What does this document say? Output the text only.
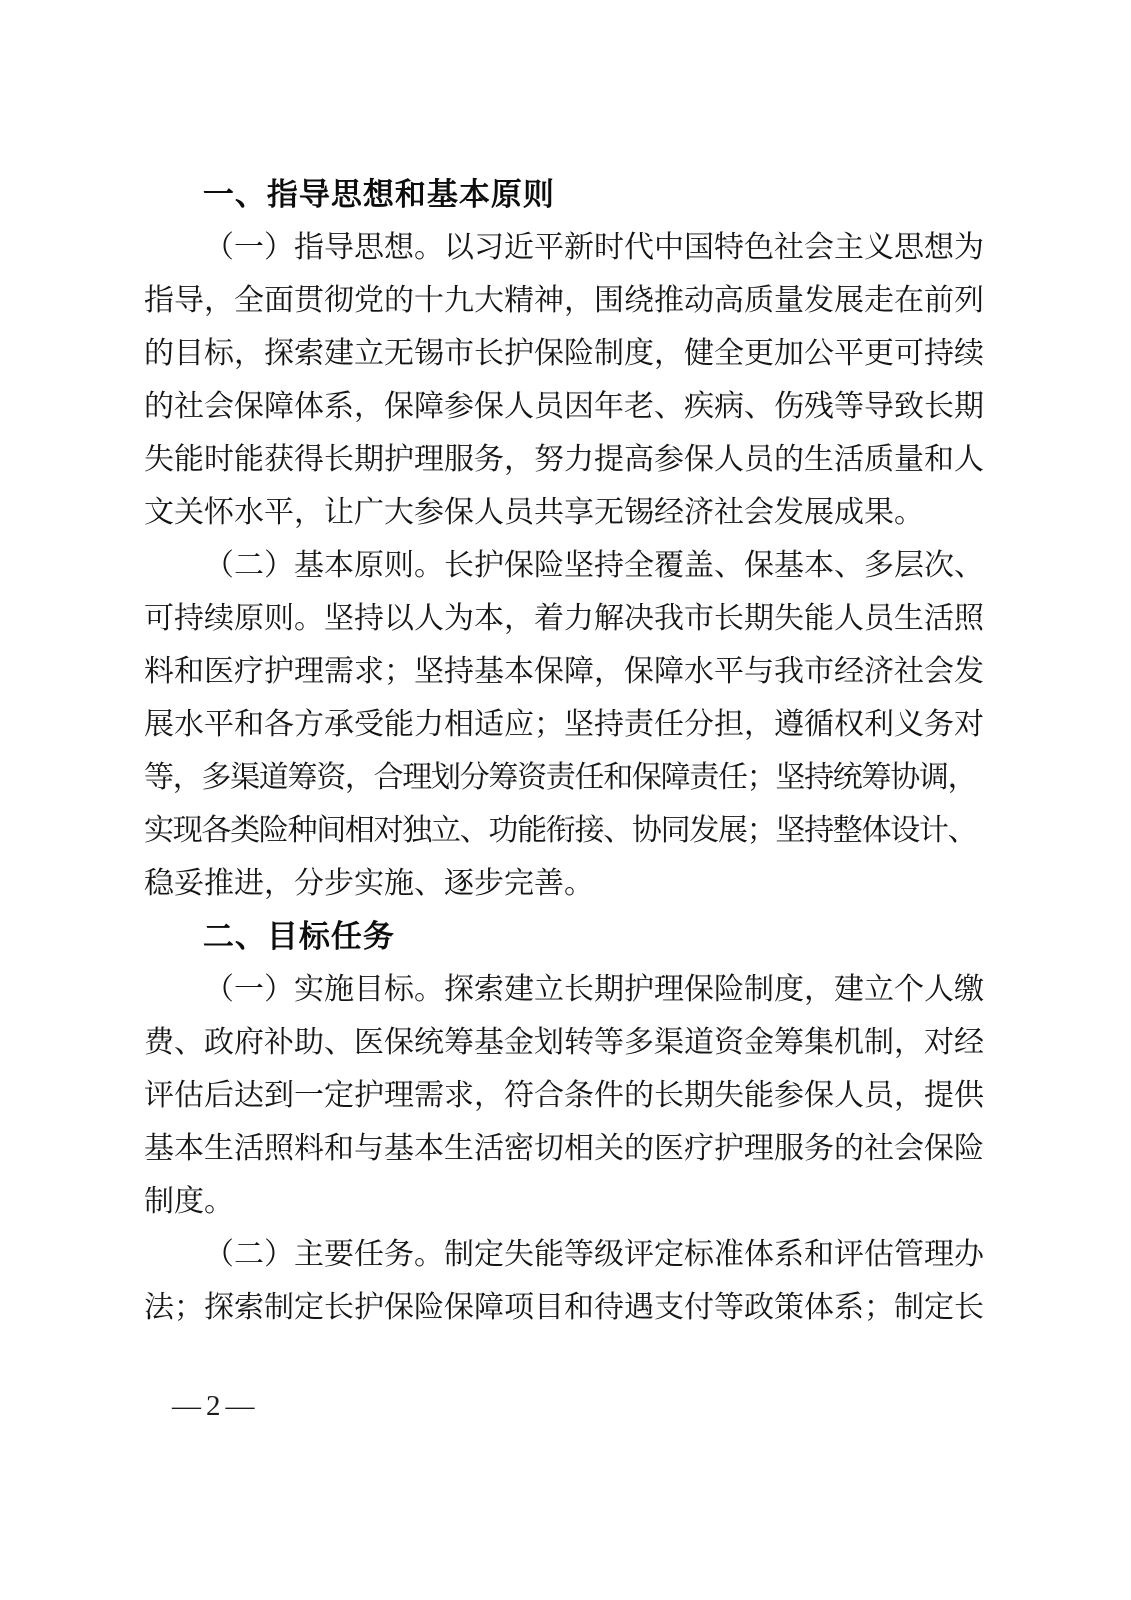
一、指导思想和基本原则
（一）指导思想。以习近平新时代中国特色社会主义思想为
指导，全面贯彻党的十九大精神，围绕推动高质量发展走在前列
的目标，探索建立无锡市长护保险制度，健全更加公平更可持续
的社会保障体系，保障参保人员因年老、疾病、伤残等导致长期
失能时能获得长期护理服务，努力提高参保人员的生活质量和人
文关怀水平，让广大参保人员共享无锡经济社会发展成果。
（二）基本原则。长护保险坚持全覆盖、保基本、多层次、
可持续原则。坚持以人为本，着力解决我市长期失能人员生活照
料和医疗护理需求；坚持基本保障，保障水平与我市经济社会发
展水平和各方承受能力相适应；坚持责任分担，遵循权利义务对
等，多渠道筹资，合理划分筹资责任和保障责任；坚持统筹协调，
实现各类险种间相对独立、功能衔接、协同发展；坚持整体设计、
稳妥推进，分步实施、逐步完善。
二、目标任务
（一）实施目标。探索建立长期护理保险制度，建立个人缴
费、政府补助、医保统筹基金划转等多渠道资金筹集机制，对经
评估后达到一定护理需求，符合条件的长期失能参保人员，提供
基本生活照料和与基本生活密切相关的医疗护理服务的社会保险
制度。
（二）主要任务。制定失能等级评定标准体系和评估管理办
法；探索制定长护保险保障项目和待遇支付等政策体系；制定长
—2—
